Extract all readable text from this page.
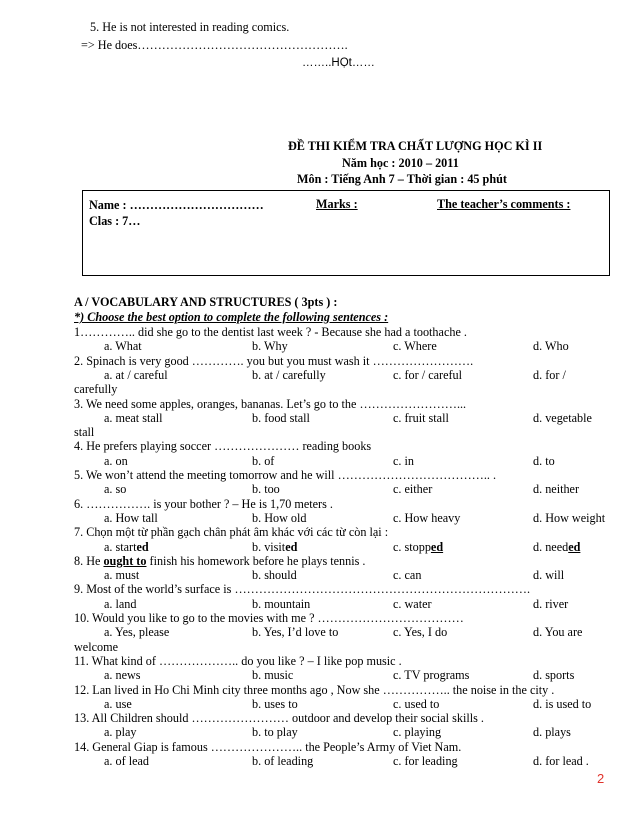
5. He is not interested in reading comics.
=> He does…………………………………………….
……..HỌt……
ĐỀ THI KIỂM TRA CHẤT LƯỢNG HỌC KÌ II
Năm học : 2010 – 2011
Môn : Tiếng Anh 7 – Thời gian : 45 phút
Name : ……………………………
Clas : 7…
Marks :	The teacher’s comments :
A / VOCABULARY AND STRUCTURES ( 3pts ) :
*) Choose the best option to complete the following sentences :
1………….. did she go to the dentist last week ? - Because she had a toothache .
a. What	b. Why	c. Where	d. Who
2. Spinach is very good …………. you but you must wash it …………………….
a. at / careful	b. at / carefully	c. for / careful	d. for /
carefully
3. We need some apples, oranges, bananas. Let’s go to the ……………………...
a. meat stall	b. food stall	c. fruit stall	d. vegetable
stall
4. He prefers playing soccer ………………… reading books
a. on	b. of	c. in	d. to
5. We won’t attend the meeting tomorrow and he will ……………………………….. .
a. so	b. too	c. either	d. neither
6. ……………. is your bother ? – He is 1,70 meters .
a. How tall	b. How old	c. How heavy	d. How weight
7. Chọn một từ phần gạch chân phát âm khác với các từ còn lại :
a. started	b. visited	c. stopped	d. needed
8. He ought to finish his homework before he plays tennis .
a. must	b. should	c. can	d. will
9. Most of the world’s surface is ……………………………………………………………….
a. land	b. mountain	c. water	d. river
10. Would you like to go to the movies with me ? ………………………………
a. Yes, please	b. Yes, I’d love to	c. Yes, I do	d. You are
welcome
11. What kind of ……………….. do you like ? – I like pop music .
a. news	b. music	c. TV programs	d. sports
12. Lan lived in Ho Chi Minh city three months ago , Now she …………….. the noise in the city .
a. use	b. uses to	c. used to	d. is used to
13. All Children should …………………… outdoor and develop their social skills .
a. play	b. to play	c. playing	d. plays
14. General Giap is famous ………………….. the People’s Army of Viet Nam.
a. of lead	b. of leading	c. for leading	d. for lead .
2
